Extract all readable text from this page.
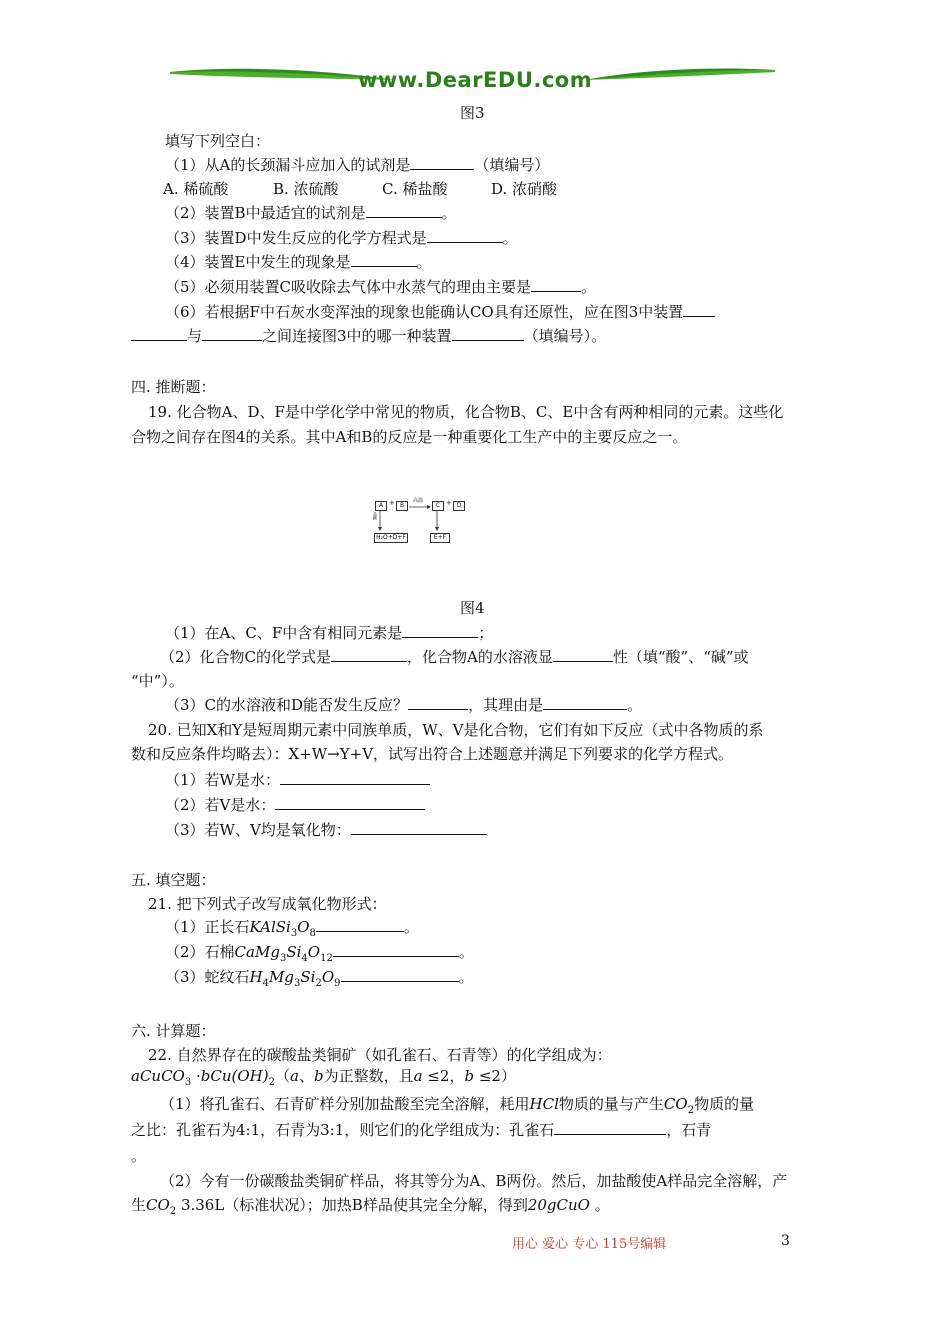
www.DearEDU.com
图3
填写下列空白：
（1）从A的长颈漏斗应加入的试剂是	（填编号）
A. 稀硫酸	B. 浓硫酸	C. 稀盐酸	D. 浓硝酸
（2）装置B中最适宜的试剂是	。
（3）装置D中发生反应的化学方程式是	。
（4）装置E中发生的现象是	。
（5）必须用装置C吸收除去气体中水蒸气的理由主要是	。
（6）若根据F中石灰水变浑浊的现象也能确认CO具有还原性，应在图3中装置
与	之间连接图3中的哪一种装置	（填编号）。
四. 推断题：
19. 化合物A、D、F是中学化学中常见的物质，化合物B、C、E中含有两种相同的元素。这些化
合物之间存在图4的关系。其中A和B的反应是一种重要化工生产中的主要反应之一。
A + B
高温
→ C + D
盐酸
H₂O+D+F	E+F
图4
（1）在A、C、F中含有相同元素是	；
（2）化合物C的化学式是	，化合物A的水溶液显	性（填“酸”、“碱”或
“中”）。
（3）C的水溶液和D能否发生反应？	，其理由是	。
20. 已知X和Y是短周期元素中同族单质，W、V是化合物，它们有如下反应（式中各物质的系
数和反应条件均略去）：X+W→Y+V，试写出符合上述题意并满足下列要求的化学方程式。
（1）若W是水：
（2）若V是水：
（3）若W、V均是氧化物：
五. 填空题：
21. 把下列式子改写成氧化物形式：
（1）正长石$KAlSi_3O_8$	。
（2）石棉$CaMg_3Si_4O_{12}$	。
（3）蛇纹石$H_4Mg_3Si_2O_9$	。
六. 计算题：
22. 自然界存在的碳酸盐类铜矿（如孔雀石、石青等）的化学组成为：
aCuCO$_3$ $\cdot bCu(OH)_2(a$、b为正整数，且a ≤2，b ≤2）
（1）将孔雀石、石青矿样分别加盐酸至完全溶解，耗用HCl物质的量与产生$CO_2$物质的量
之比：孔雀石为4:1，石青为3:1，则它们的化学组成为：孔雀石	，石青
。
（2）今有一份碳酸盐类铜矿样品，将其等分为A、B两份。然后，加盐酸使A样品完全溶解，产
生$CO_2$ 3.36L（标准状况）；加热B样品使其完全分解，得到20gCuO 。
用心 爱心 专心 115号编辑	3
